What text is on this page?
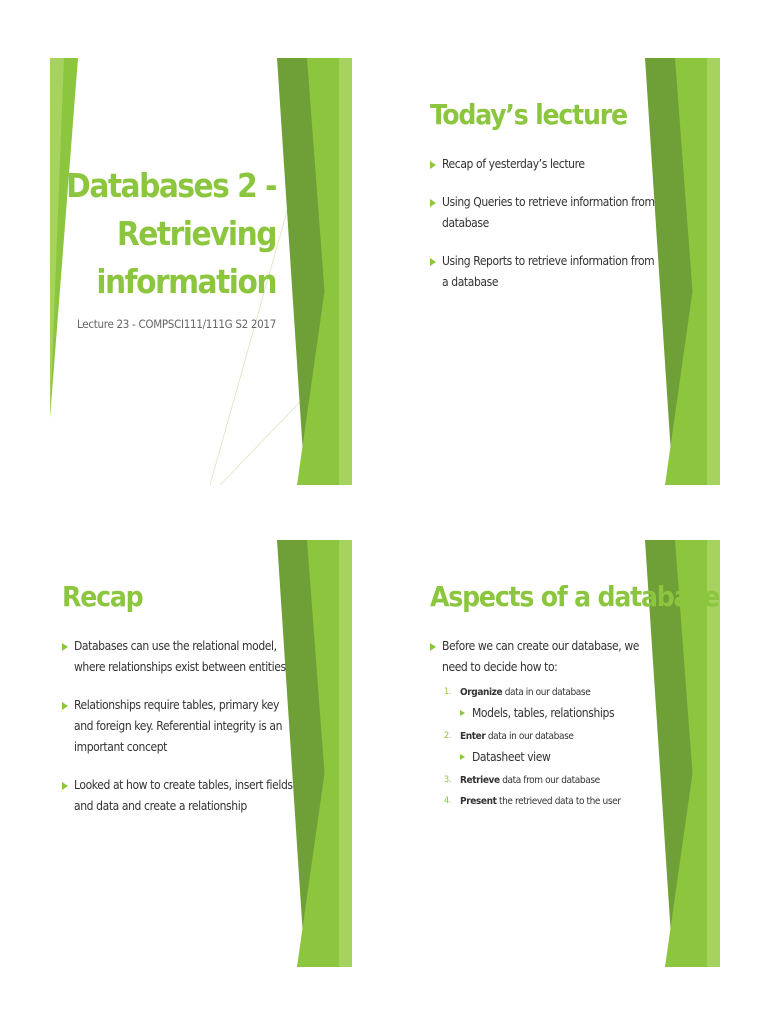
Databases 2 -
Retrieving
information
Lecture 23 - COMPSCI111/111G S2 2017
Today’s lecture
Recap of yesterday’s lecture
Using Queries to retrieve information from database
Using Reports to retrieve information from a database
Recap
Databases can use the relational model, where relationships exist between entities
Relationships require tables, primary key and foreign key. Referential integrity is an important concept
Looked at how to create tables, insert fields and data and create a relationship
Aspects of a database
Before we can create our database, we need to decide how to:
1. Organize data in our database
Models, tables, relationships
2. Enter data in our database
Datasheet view
3. Retrieve data from our database
4. Present the retrieved data to the user
